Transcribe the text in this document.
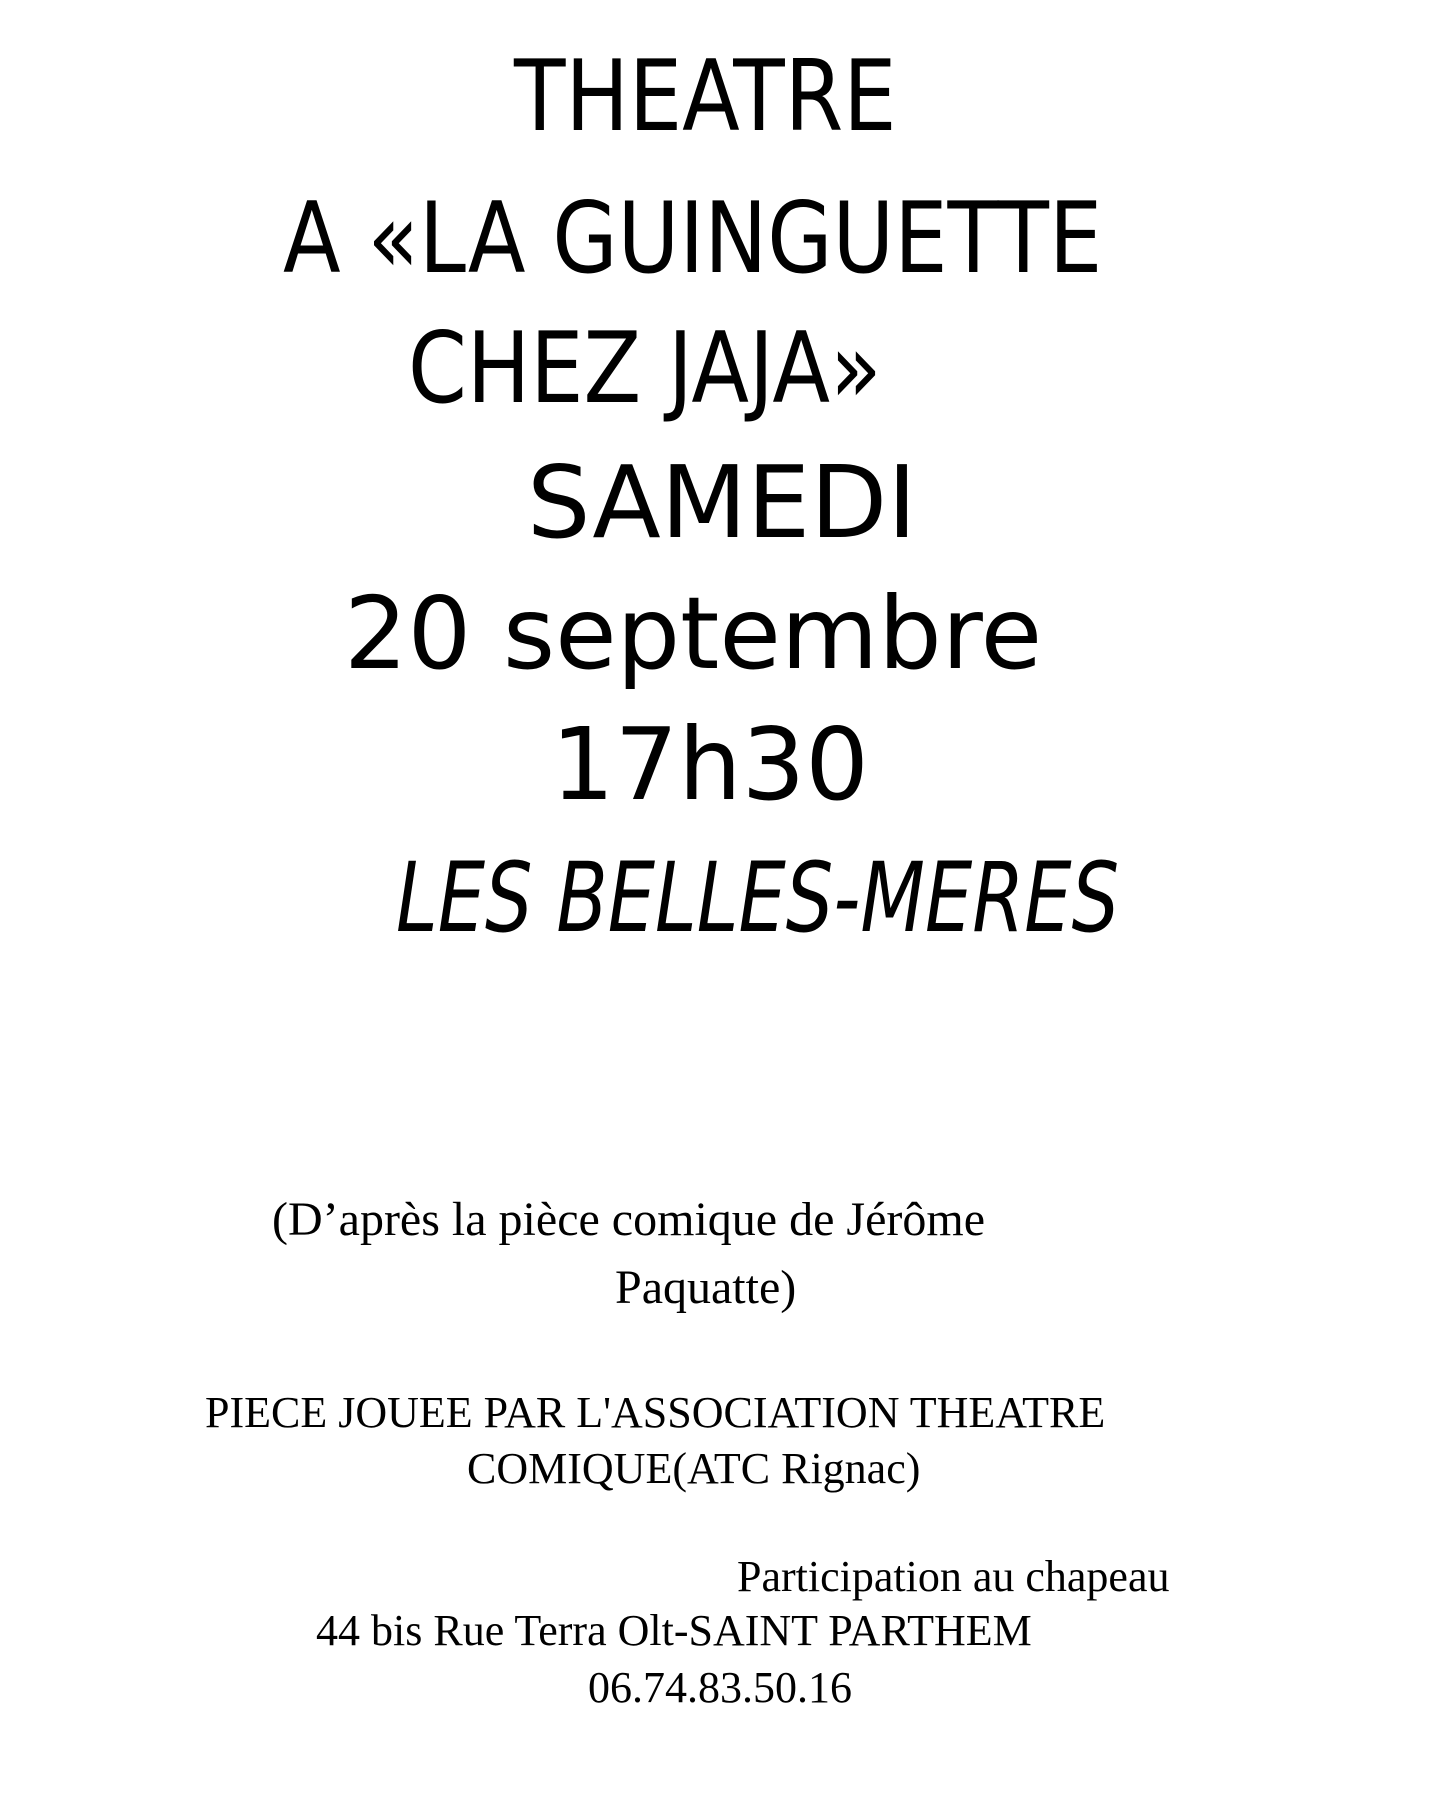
THEATRE

A «LA GUINGUETTE

CHEZ JAJA»

SAMEDI

20 septembre

17h30

LES BELLES-MERES

(D’après la pièce comique de Jérôme

Paquatte)

PIECE JOUEE PAR L'ASSOCIATION THEATRE

COMIQUE(ATC Rignac)

Participation au chapeau

44 bis Rue Terra Olt-SAINT PARTHEM

06.74.83.50.16
